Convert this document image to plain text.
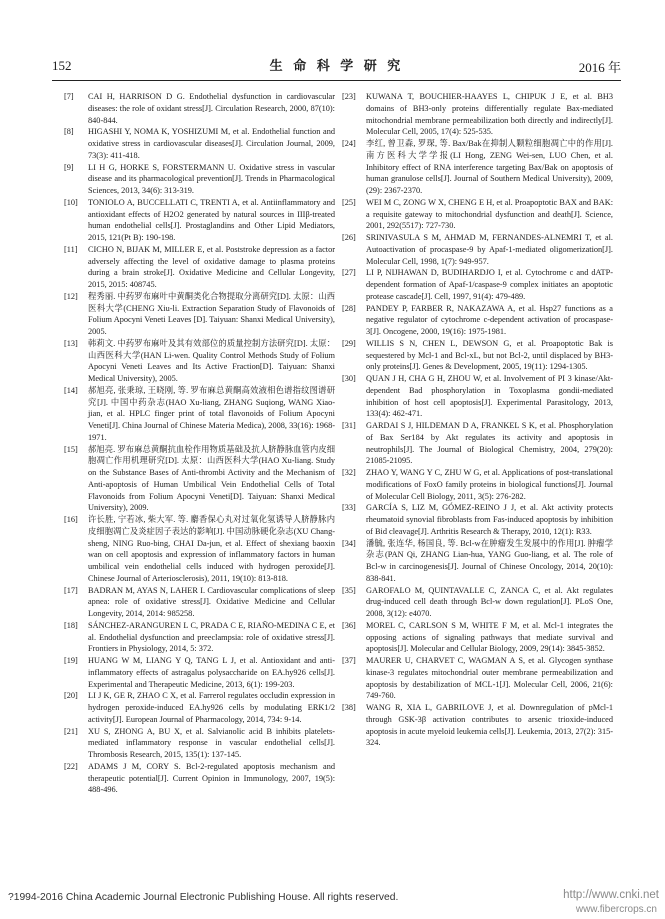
152	生 命 科 学 研 究	2016 年
[7] CAI H, HARRISON D G. Endothelial dysfunction in cardiovascular diseases: the role of oxidant stress[J]. Circulation Research, 2000, 87(10): 840-844.
[8] HIGASHI Y, NOMA K, YOSHIZUMI M, et al. Endothelial function and oxidative stress in cardiovascular diseases[J]. Circulation Journal, 2009, 73(3): 411-418.
[9] LI H G, HORKE S, FORSTERMANN U. Oxidative stress in vascular disease and its pharmacological prevention[J]. Trends in Pharmacological Sciences, 2013, 34(6): 313-319.
[10] TONIOLO A, BUCCELLATI C, TRENTI A, et al. Antiinflammatory and antioxidant effects of H2O2 generated by natural sources in IIIβ-treated human endothelial cells[J]. Prostaglandins and Other Lipid Mediators, 2015, 121(Pt B): 190-198.
[11] CICHO N, BIJAK M, MILLER E, et al. Poststroke depression as a factor adversely affecting the level of oxidative damage to plasma proteins during a brain stroke[J]. Oxidative Medicine and Cellular Longevity, 2015, 2015: 408745.
[12] 程秀丽. 中药罗布麻叶中黄酮类化合物提取分离研究[D]. 太原：山西医科大学(CHENG Xiu-li. Extraction Separation Study of Flavonoids of Folium Apocyni Veneti Leaves [D]. Taiyuan: Shanxi Medical University), 2005.
[13] 韩莉文. 中药罗布麻叶及其有效部位的质量控制方法研究[D]. 太原：山西医科大学(HAN Li-wen. Quality Control Methods Study of Folium Apocyni Veneti Leaves and Its Active Fraction[D]. Taiyuan: Shanxi Medical University), 2005.
[14] 郝旭亮, 张秉琼, 王晓刚, 等. 罗布麻总黄酮高效液相色谱指纹图谱研究[J]. 中国中药杂志(HAO Xu-liang, ZHANG Suqiong, WANG Xiao-jian, et al. HPLC finger print of total flavonoids of Folium Apocyni Veneti[J]. China Journal of Chinese Materia Medica), 2008, 33(16): 1968-1971.
[15] 郝旭亮. 罗布麻总黄酮抗血栓作用物质基础及抗人脐静脉血管内皮细胞凋亡作用机理研究[D]. 太原：山西医科大学(HAO Xu-liang. Study on the Substance Bases of Anti-thrombi Activity and the Mechanism of Anti-apoptosis of Human Umbilical Vein Endothelial Cells of Total Flavonoids from Folium Apocyni Veneti[D]. Taiyuan: Shanxi Medical University), 2009.
[16] 许长胜, 宁若冰, 柴大军. 等. 麝香保心丸对过氧化氢诱导人脐静脉内皮细胞凋亡及炎症因子表达的影响[J]. 中国动脉硬化杂志(XU Chang-sheng, NING Ruo-bing, CHAI Da-jun, et al. Effect of shexiang baoxin wan on cell apoptosis and expression of inflammatory factors in human umbilical vein endothelial cells induced with hydrogen peroxide[J]. Chinese Journal of Arteriosclerosis), 2011, 19(10): 813-818.
[17] BADRAN M, AYAS N, LAHER I. Cardiovascular complications of sleep apnea: role of oxidative stress[J]. Oxidative Medicine and Cellular Longevity, 2014, 2014: 985258.
[18] SÁNCHEZ-ARANGUREN L C, PRADA C E, RIAÑO-MEDINA C E, et al. Endothelial dysfunction and preeclampsia: role of oxidative stress[J]. Frontiers in Physiology, 2014, 5: 372.
[19] HUANG W M, LIANG Y Q, TANG L J, et al. Antioxidant and anti-inflammatory effects of astragalus polysaccharide on EA.hy926 cells[J]. Experimental and Therapeutic Medicine, 2013, 6(1): 199-203.
[20] LI J K, GE R, ZHAO C X, et al. Farrerol regulates occludin expression in hydrogen peroxide-induced EA.hy926 cells by modulating ERK1/2 activity[J]. European Journal of Pharmacology, 2014, 734: 9-14.
[21] XU S, ZHONG A, BU X, et al. Salvianolic acid B inhibits platelets-mediated inflammatory response in vascular endothelial cells[J]. Thrombosis Research, 2015, 135(1): 137-145.
[22] ADAMS J M, CORY S. Bcl-2-regulated apoptosis mechanism and therapeutic potential[J]. Current Opinion in Immunology, 2007, 19(5): 488-496.
[23] KUWANA T, BOUCHIER-HAAYES L, CHIPUK J E, et al. BH3 domains of BH3-only proteins differentially regulate Bax-mediated mitochondrial membrane permeabilization both directly and indirectly[J]. Molecular Cell, 2005, 17(4): 525-535.
[24] 李红, 曾卫森, 罗琛, 等. Bax/Bak在抑制人颗粒细胞凋亡中的作用[J]. 南方医科大学学报(LI Hong, ZENG Wei-sen, LUO Chen, et al. Inhibitory effect of RNA interference targeting Bax/Bak on apoptosis of human granulose cells[J]. Journal of Southern Medical University), 2009, (29): 2367-2370.
[25] WEI M C, ZONG W X, CHENG E H, et al. Proapoptotic BAX and BAK: a requisite gateway to mitochondrial dysfunction and death[J]. Science, 2001, 292(5517): 727-730.
[26] SRINIVASULA S M, AHMAD M, FERNANDES-ALNEMRI T, et al. Autoactivation of procaspase-9 by Apaf-1-mediated oligomerization[J]. Molecular Cell, 1998, 1(7): 949-957.
[27] LI P, NIJHAWAN D, BUDIHARDJO I, et al. Cytochrome c and dATP-dependent formation of Apaf-1/caspase-9 complex initiates an apoptotic protease cascade[J]. Cell, 1997, 91(4): 479-489.
[28] PANDEY P, FARBER R, NAKAZAWA A, et al. Hsp27 functions as a negative regulator of cytochrome c-dependent activation of procaspase-3[J]. Oncogene, 2000, 19(16): 1975-1981.
[29] WILLIS S N, CHEN L, DEWSON G, et al. Proapoptotic Bak is sequestered by Mcl-1 and Bcl-xL, but not Bcl-2, until displaced by BH3-only proteins[J]. Genes & Development, 2005, 19(11): 1294-1305.
[30] QUAN J H, CHA G H, ZHOU W, et al. Involvement of PI 3 kinase/Akt-dependent Bad phosphorylation in Toxoplasma gondii-mediated inhibition of host cell apoptosis[J]. Experimental Parasitology, 2013, 133(4): 462-471.
[31] GARDAI S J, HILDEMAN D A, FRANKEL S K, et al. Phosphorylation of Bax Ser184 by Akt regulates its activity and apoptosis in neutrophils[J]. The Journal of Biological Chemistry, 2004, 279(20): 21085-21095.
[32] ZHAO Y, WANG Y C, ZHU W G, et al. Applications of post-translational modifications of FoxO family proteins in biological functions[J]. Journal of Molecular Cell Biology, 2011, 3(5): 276-282.
[33] GARCÍA S, LIZ M, GÓMEZ-REINO J J, et al. Akt activity protects rheumatoid synovial fibroblasts from Fas-induced apoptosis by inhibition of Bid cleavage[J]. Arthritis Research & Therapy, 2010, 12(1): R33.
[34] 潘毓, 张连华, 杨国良, 等. Bcl-w在肿瘤发生发展中的作用[J]. 肿瘤学杂志(PAN Qi, ZHANG Lian-hua, YANG Guo-liang, et al. The role of Bcl-w in carcinogenesis[J]. Journal of Chinese Oncology, 2014, 20(10): 838-841.
[35] GAROFALO M, QUINTAVALLE C, ZANCA C, et al. Akt regulates drug-induced cell death through Bcl-w down regulation[J]. PLoS One, 2008, 3(12): e4070.
[36] MOREL C, CARLSON S M, WHITE F M, et al. Mcl-1 integrates the opposing actions of signaling pathways that mediate survival and apoptosis[J]. Molecular and Cellular Biology, 2009, 29(14): 3845-3852.
[37] MAURER U, CHARVET C, WAGMAN A S, et al. Glycogen synthase kinase-3 regulates mitochondrial outer membrane permeabilization and apoptosis by destabilization of MCL-1[J]. Molecular Cell, 2006, 21(6): 749-760.
[38] WANG R, XIA L, GABRILOVE J, et al. Downregulation of pMcl-1 through GSK-3β activation contributes to arsenic trioxide-induced apoptosis in acute myeloid leukemia cells[J]. Leukemia, 2013, 27(2): 315-324.
?1994-2016 China Academic Journal Electronic Publishing House. All rights reserved.	http://www.cnki.net
www.fibercrops.cn
